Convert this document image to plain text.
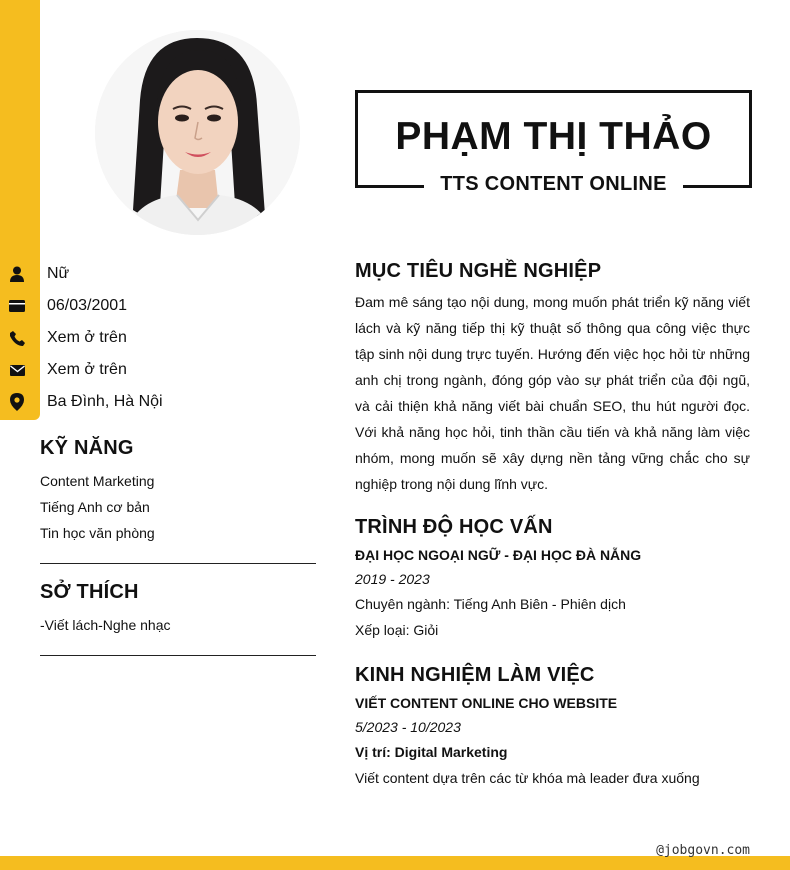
Nữ
06/03/2001
Xem ở trên
Xem ở trên
Ba Đình, Hà Nội
KỸ NĂNG
Content Marketing
Tiếng Anh cơ bản
Tin học văn phòng
SỞ THÍCH
-Viết lách-Nghe nhạc
PHẠM THỊ THẢO
TTS CONTENT ONLINE
MỤC TIÊU NGHỀ NGHIỆP
Đam mê sáng tạo nội dung, mong muốn phát triển kỹ năng viết lách và kỹ năng tiếp thị kỹ thuật số thông qua công việc thực tập sinh nội dung trực tuyến. Hướng đến việc học hỏi từ những anh chị trong ngành, đóng góp vào sự phát triển của đội ngũ, và cải thiện khả năng viết bài chuẩn SEO, thu hút người đọc. Với khả năng học hỏi, tinh thần cầu tiến và khả năng làm việc nhóm, mong muốn sẽ xây dựng nền tảng vững chắc cho sự nghiệp trong nội dung lĩnh vực.
TRÌNH ĐỘ HỌC VẤN
ĐẠI HỌC NGOẠI NGỮ - ĐẠI HỌC ĐÀ NẴNG
2019 - 2023
Chuyên ngành: Tiếng Anh Biên - Phiên dịch
Xếp loại: Giỏi
KINH NGHIỆM LÀM VIỆC
VIẾT CONTENT ONLINE CHO WEBSITE
5/2023 - 10/2023
Vị trí: Digital Marketing
Viết content dựa trên các từ khóa mà leader đưa xuống
@jobgovn.com
